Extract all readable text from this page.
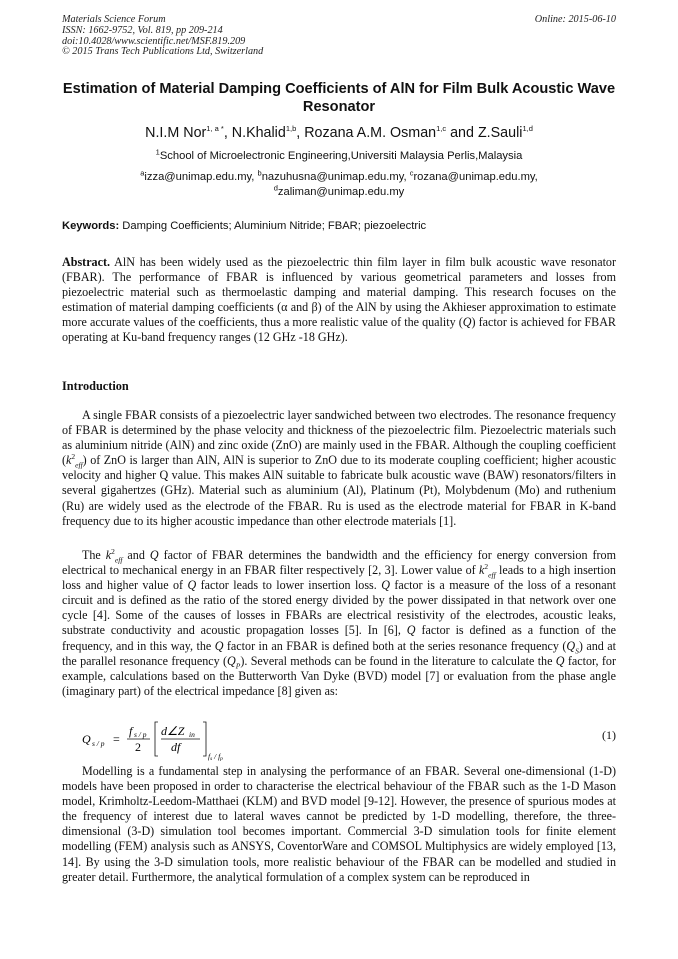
Materials Science Forum
ISSN: 1662-9752, Vol. 819, pp 209-214
doi:10.4028/www.scientific.net/MSF.819.209
© 2015 Trans Tech Publications Ltd, Switzerland
Online: 2015-06-10
Estimation of Material Damping Coefficients of AlN for Film Bulk Acoustic Wave Resonator
N.I.M Nor$^{1, a *}$, N.Khalid$^{1,b}$, Rozana A.M. Osman$^{1,c}$ and Z.Sauli$^{1,d}$
$^1$School of Microelectronic Engineering,Universiti Malaysia Perlis,Malaysia
$^a$izza@unimap.edu.my, $^b$nazuhusna@unimap.edu.my, $^c$rozana@unimap.edu.my,
$^d$zaliman@unimap.edu.my
Keywords: Damping Coefficients; Aluminium Nitride; FBAR; piezoelectric

Abstract. AlN has been widely used as the piezoelectric thin film layer in film bulk acoustic wave resonator (FBAR). The performance of FBAR is influenced by various geometrical parameters and losses from piezoelectric material such as thermoelastic damping and material damping. This research focuses on the estimation of material damping coefficients (α and β) of the AlN by using the Akhieser approximation to estimate more accurate values of the coefficients, thus a more realistic value of the quality (Q) factor is achieved for FBAR operating at Ku-band frequency ranges (12 GHz -18 GHz).

Introduction

A single FBAR consists of a piezoelectric layer sandwiched between two electrodes. The resonance frequency of FBAR is determined by the phase velocity and thickness of the piezoelectric film. Piezoelectric materials such as aluminium nitride (AlN) and zinc oxide (ZnO) are mainly used in the FBAR. Although the coupling coefficient $(k^2_{eff})$ of ZnO is larger than AlN, AlN is superior to ZnO due to its moderate coupling coefficient; higher acoustic velocity and higher Q value. This makes AlN suitable to fabricate bulk acoustic wave (BAW) resonators/filters in several gigahertzes (GHz). Material such as aluminium (Al), Platinum (Pt), Molybdenum (Mo) and ruthenium (Ru) are widely used as the electrode of the FBAR. Ru is used as the electrode material for FBAR in K-band frequency due to its higher acoustic impedance than other electrode materials [1].

The $k^2_{eff}$ and Q factor of FBAR determines the bandwidth and the efficiency for energy conversion from electrical to mechanical energy in an FBAR filter respectively [2, 3]. Lower value of $k^2_{eff}$ leads to a high insertion loss and higher value of Q factor leads to lower insertion loss. Q factor is a measure of the loss of a resonant circuit and is defined as the ratio of the stored energy divided by the power dissipated in that network over one cycle [4]. Some of the causes of losses in FBARs are electrical resistivity of the electrodes, acoustic leaks, substrate conductivity and acoustic propagation losses [5]. In [6], Q factor is defined as a function of the frequency, and in this way, the Q factor in an FBAR is defined both at the series resonance frequency $(Q_S)$ and at the parallel resonance frequency $(Q_P)$. Several methods can be found in the literature to calculate the Q factor, for example, calculations based on the Butterworth Van Dyke (BVD) model [7] or evaluation from the phase angle (imaginary part) of the electrical impedance [8] given as:

Q s / p =
f s / p
2
d∠Z in
df
fs / fp
(1)

Modelling is a fundamental step in analysing the performance of an FBAR. Several one-dimensional (1-D) models have been proposed in order to characterise the electrical behaviour of the FBAR such as the 1-D Mason model, Krimholtz-Leedom-Matthaei (KLM) and BVD model [9-12]. However, the presence of spurious modes at the frequency of interest due to lateral waves cannot be predicted by 1-D modelling, therefore, the three-dimensional (3-D) simulation tool becomes important. Commercial 3-D simulation tools for finite element modelling (FEM) analysis such as ANSYS, CoventorWare and COMSOL Multiphysics are widely employed [13, 14]. By using the 3-D simulation tools, more realistic behaviour of the FBAR can be modelled and studied in greater detail. Furthermore, the analytical formulation of a complex system can be reproduced in
